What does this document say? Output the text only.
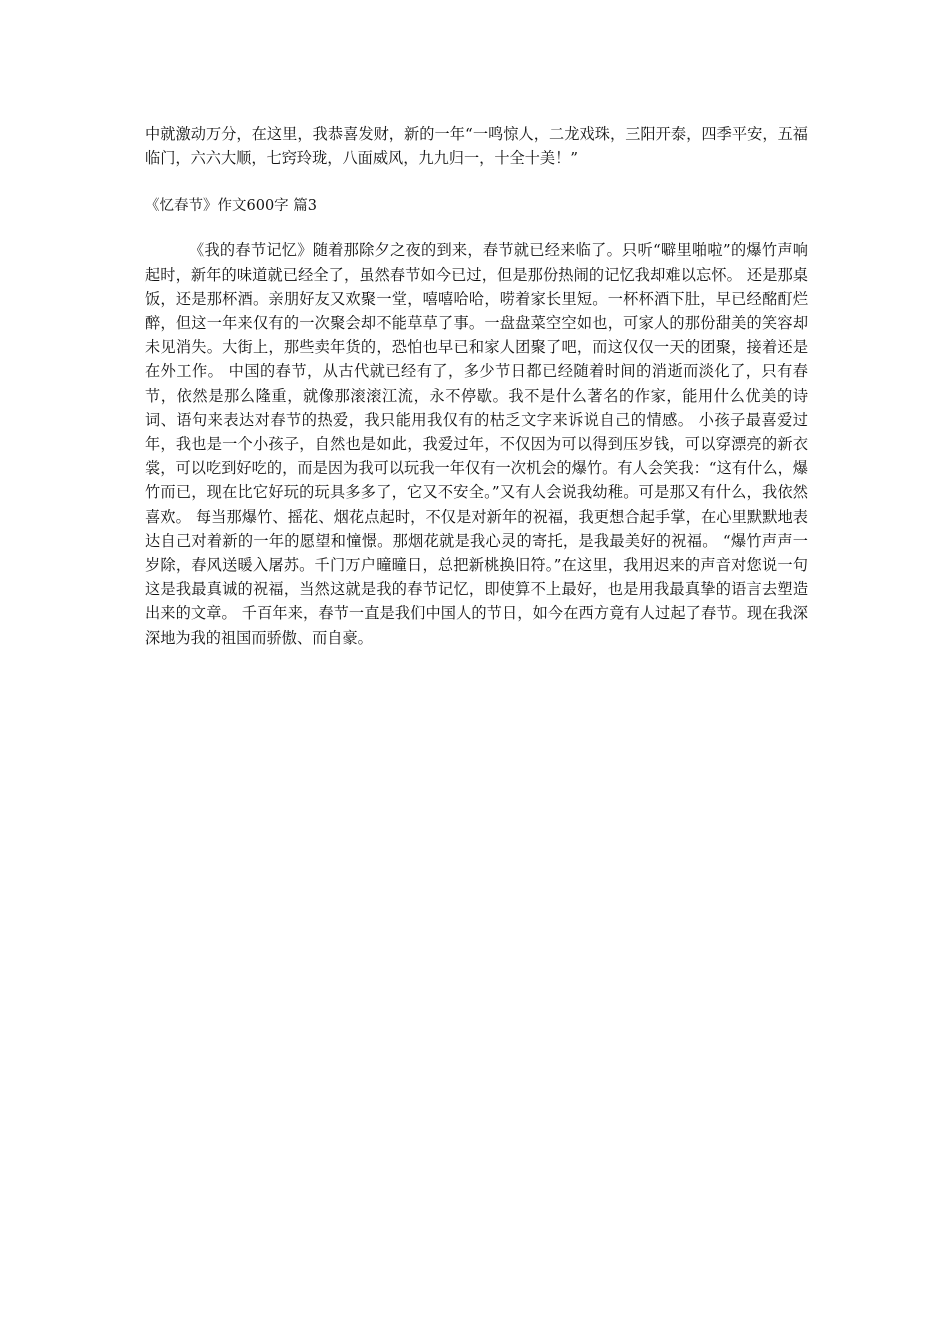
中就激动万分，在这里，我恭喜发财，新的一年“一鸣惊人，二龙戏珠，三阳开泰，四季平安，五福临门，六六大顺，七窍玲珑，八面威风，九九归一，十全十美！”

《忆春节》作文600字 篇3

《我的春节记忆》随着那除夕之夜的到来，春节就已经来临了。只听“噼里啪啦”的爆竹声响起时，新年的味道就已经全了，虽然春节如今已过，但是那份热闹的记忆我却难以忘怀。 还是那桌饭，还是那杯酒。亲朋好友又欢聚一堂，嘻嘻哈哈，唠着家长里短。一杯杯酒下肚，早已经酩酊烂醉，但这一年来仅有的一次聚会却不能草草了事。一盘盘菜空空如也，可家人的那份甜美的笑容却未见消失。大街上，那些卖年货的，恐怕也早已和家人团聚了吧，而这仅仅一天的团聚，接着还是在外工作。 中国的春节，从古代就已经有了，多少节日都已经随着时间的消逝而淡化了，只有春节，依然是那么隆重，就像那滚滚江流，永不停歇。我不是什么著名的作家，能用什么优美的诗词、语句来表达对春节的热爱，我只能用我仅有的枯乏文字来诉说自己的情感。 小孩子最喜爱过年，我也是一个小孩子，自然也是如此，我爱过年，不仅因为可以得到压岁钱，可以穿漂亮的新衣裳，可以吃到好吃的，而是因为我可以玩我一年仅有一次机会的爆竹。有人会笑我：“这有什么，爆竹而已，现在比它好玩的玩具多多了，它又不安全。”又有人会说我幼稚。可是那又有什么，我依然喜欢。 每当那爆竹、摇花、烟花点起时，不仅是对新年的祝福，我更想合起手掌，在心里默默地表达自己对着新的一年的愿望和憧憬。那烟花就是我心灵的寄托，是我最美好的祝福。 “爆竹声声一岁除，春风送暖入屠苏。千门万户曈曈日，总把新桃换旧符。”在这里，我用迟来的声音对您说一句这是我最真诚的祝福，当然这就是我的春节记忆，即使算不上最好，也是用我最真挚的语言去塑造出来的文章。 千百年来，春节一直是我们中国人的节日，如今在西方竟有人过起了春节。现在我深深地为我的祖国而骄傲、而自豪。
